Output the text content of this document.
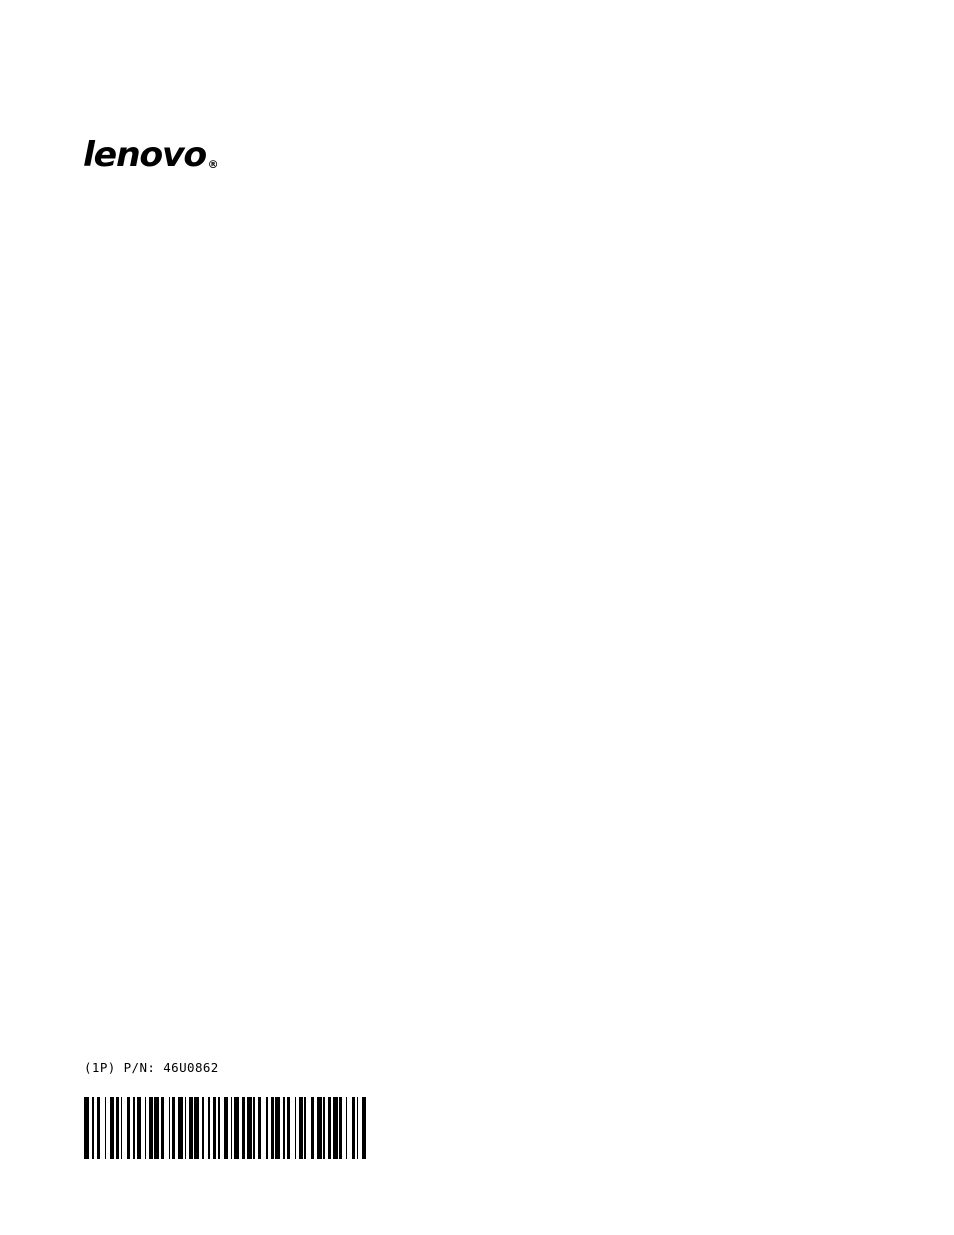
lenovo ®
(1P) P/N: 46U0862
